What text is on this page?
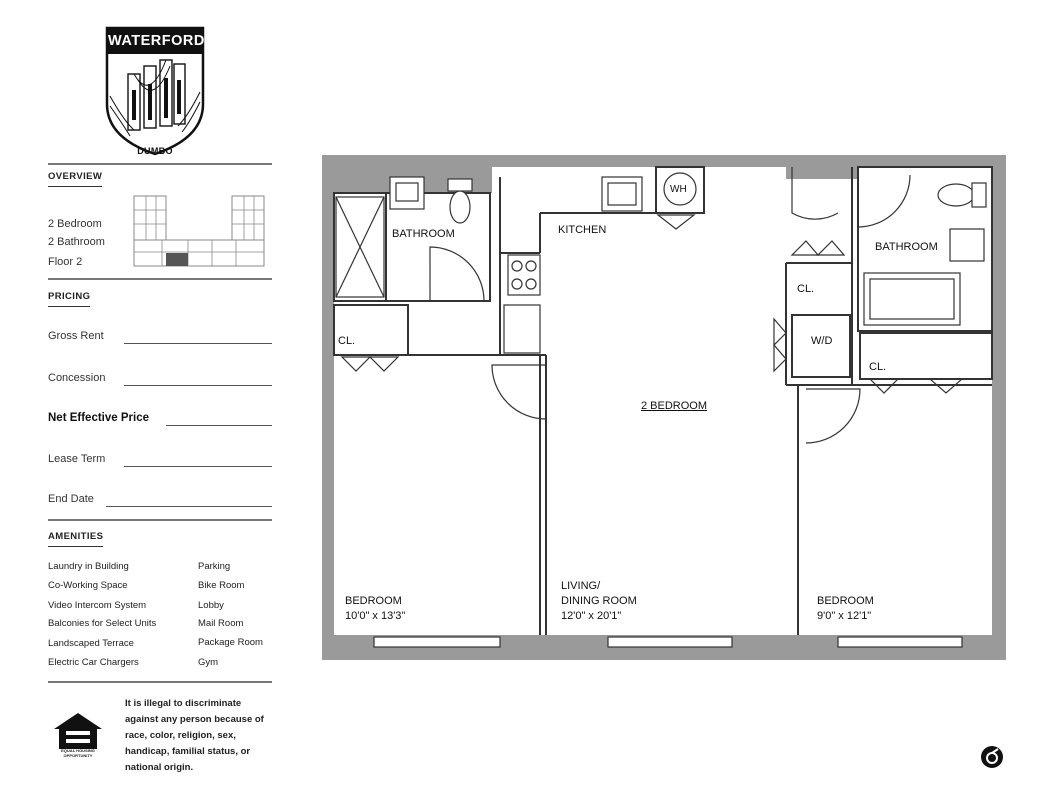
WATERFORD
DUMBO
OVERVIEW
2 Bedroom
2 Bathroom
Floor 2
PRICING
Gross Rent
Concession
Net Effective Price
Lease Term
End Date
AMENITIES
Laundry in Building
Co-Working Space
Video Intercom System
Balconies for Select Units
Landscaped Terrace
Electric Car Chargers
Parking
Bike Room
Lobby
Mail Room
Package Room
Gym
EQUAL HOUSING
OPPORTUNITY
It is illegal to discriminate against any person because of race, color, religion, sex, handicap, familial status, or national origin.
BATHROOM	KITCHEN
WH
BATHROOM
CL.
CL.
CL.
W/D
2 BEDROOM
BEDROOM
10'0" x 13'3"
LIVING/
DINING ROOM
12'0" x 20'1"
BEDROOM
9'0" x 12'1"
